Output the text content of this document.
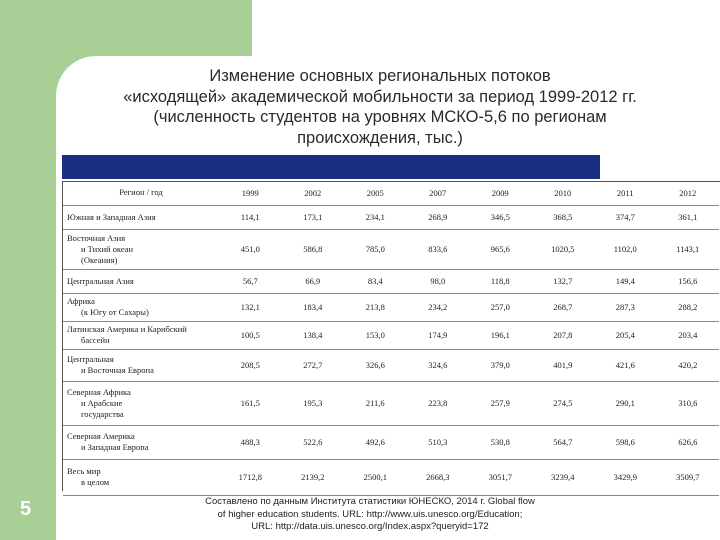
Изменение основных региональных потоков
«исходящей» академической мобильности за период 1999-2012 гг.
(численность студентов на уровнях МСКО-5,6 по регионам
происхождения, тыс.)
Регион / год	1999	2002	2005	2007	2009	2010	2011	2012

Южная и Западная Азия	114,1	173,1	234,1	268,9	346,5	368,5	374,7	361,1

Восточная Азия
и Тихий океан
(Океания)	451,0	586,8	785,0	833,6	965,6	1020,5	1102,0	1143,1

Центральная Азия	56,7	66,9	83,4	98,0	118,8	132,7	149,4	156,6

Африка
(к Югу от Сахары)	132,1	183,4	213,8	234,2	257,0	268,7	287,3	288,2

Латинская Америка и Карибский
бассейн	100,5	138,4	153,0	174,9	196,1	207,8	205,4	203,4

Центральная
и Восточная Европа	208,5	272,7	326,6	324,6	379,0	401,9	421,6	420,2

Северная Африка
и Арабские
государства	161,5	195,3	211,6	223,8	257,9	274,5	290,1	310,6

Северная Америка
и Западная Европа	488,3	522,6	492,6	510,3	530,8	564,7	598,6	626,6

Весь мир
в целом	1712,8	2139,2	2500,1	2668,3	3051,7	3239,4	3429,9	3509,7
5	Составлено по данным Института статистики ЮНЕСКО, 2014 г. Global flow
of higher education students. URL: http://www.uis.unesco.org/Education;
URL: http://data.uis.unesco.org/Index.aspx?queryid=172
